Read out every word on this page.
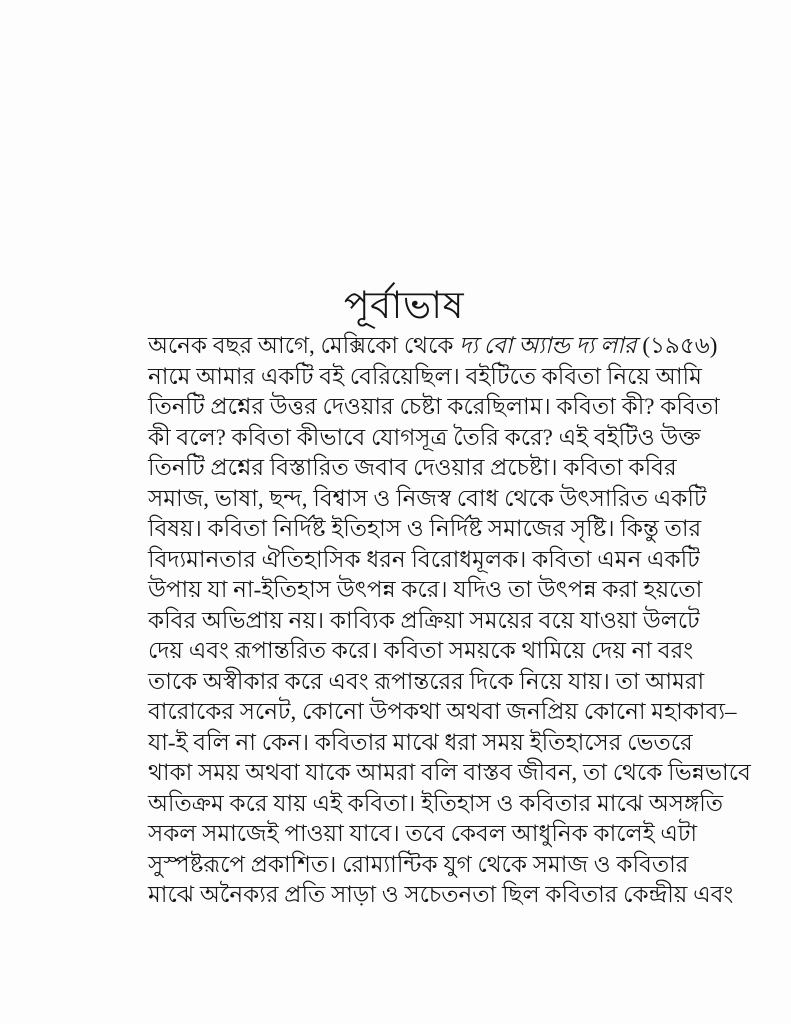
পূর্বাভাষ
অনেক বছর আগে, মেক্সিকো থেকে দ্য বো অ্যান্ড দ্য লার (১৯৫৬)
নামে আমার একটি বই বেরিয়েছিল। বইটিতে কবিতা নিয়ে আমি
তিনটি প্রশ্নের উত্তর দেওয়ার চেষ্টা করেছিলাম। কবিতা কী? কবিতা
কী বলে? কবিতা কীভাবে যোগসূত্র তৈরি করে? এই বইটিও উক্ত
তিনটি প্রশ্নের বিস্তারিত জবাব দেওয়ার প্রচেষ্টা। কবিতা কবির
সমাজ, ভাষা, ছন্দ, বিশ্বাস ও নিজস্ব বোধ থেকে উৎসারিত একটি
বিষয়। কবিতা নির্দিষ্ট ইতিহাস ও নির্দিষ্ট সমাজের সৃষ্টি। কিন্তু তার
বিদ্যমানতার ঐতিহাসিক ধরন বিরোধমূলক। কবিতা এমন একটি
উপায় যা না-ইতিহাস উৎপন্ন করে। যদিও তা উৎপন্ন করা হয়তো
কবির অভিপ্রায় নয়। কাব্যিক প্রক্রিয়া সময়ের বয়ে যাওয়া উলটে
দেয় এবং রূপান্তরিত করে। কবিতা সময়কে থামিয়ে দেয় না বরং
তাকে অস্বীকার করে এবং রূপান্তরের দিকে নিয়ে যায়। তা আমরা
বারোকের সনেট, কোনো উপকথা অথবা জনপ্রিয় কোনো মহাকাব্য–
যা-ই বলি না কেন। কবিতার মাঝে ধরা সময় ইতিহাসের ভেতরে
থাকা সময় অথবা যাকে আমরা বলি বাস্তব জীবন, তা থেকে ভিন্নভাবে
অতিক্রম করে যায় এই কবিতা। ইতিহাস ও কবিতার মাঝে অসঙ্গতি
সকল সমাজেই পাওয়া যাবে। তবে কেবল আধুনিক কালেই এটা
সুস্পষ্টরূপে প্রকাশিত। রোম্যান্টিক যুগ থেকে সমাজ ও কবিতার
মাঝে অনৈক্যর প্রতি সাড়া ও সচেতনতা ছিল কবিতার কেন্দ্রীয় এবং
